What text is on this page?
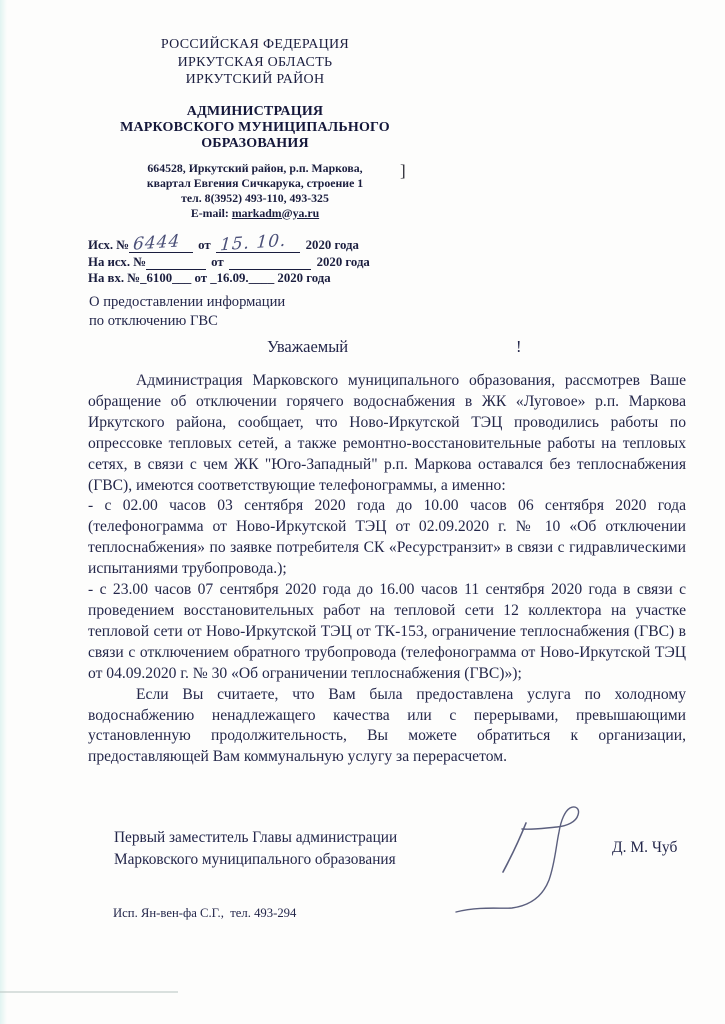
РОССИЙСКАЯ ФЕДЕРАЦИЯ
ИРКУТСКАЯ ОБЛАСТЬ
ИРКУТСКИЙ РАЙОН
АДМИНИСТРАЦИЯ
МАРКОВСКОГО МУНИЦИПАЛЬНОГО
ОБРАЗОВАНИЯ
664528, Иркутский район, р.п. Маркова,
квартал Евгения Сичкарука, строение 1
тел. 8(3952) 493-110, 493-325
E-mail: markadm@ya.ru
]
Исх. № 6444	от 15. 10.	2020 года
На исх. №	от	2020 года
На вх. № _6100___ от _16.09.____ 2020 года
О предоставлении информации
по отключению ГВС
Уважаемый	!

Администрация Марковского муниципального образования, рассмотрев Ваше обращение об отключении горячего водоснабжения в ЖК «Луговое» р.п. Маркова Иркутского района, сообщает, что Ново-Иркутской ТЭЦ проводились работы по опрессовке тепловых сетей, а также ремонтно-восстановительные работы на тепловых сетях, в связи с чем ЖК "Юго-Западный" р.п. Маркова оставался без теплоснабжения (ГВС), имеются соответствующие телефонограммы, а именно:

- с 02.00 часов 03 сентября 2020 года до 10.00 часов 06 сентября 2020 года (телефонограмма от Ново-Иркутской ТЭЦ от 02.09.2020 г. № 10 «Об отключении теплоснабжения» по заявке потребителя СК «Ресурстранзит» в связи с гидравлическими испытаниями трубопровода.);

- с 23.00 часов 07 сентября 2020 года до 16.00 часов 11 сентября 2020 года в связи с проведением восстановительных работ на тепловой сети 12 коллектора на участке тепловой сети от Ново-Иркутской ТЭЦ от ТК-153, ограничение теплоснабжения (ГВС) в связи с отключением обратного трубопровода (телефонограмма от Ново-Иркутской ТЭЦ от 04.09.2020 г. № 30 «Об ограничении теплоснабжения (ГВС)»);

Если Вы считаете, что Вам была предоставлена услуга по холодному водоснабжению ненадлежащего качества или с перерывами, превышающими установленную продолжительность, Вы можете обратиться к организации, предоставляющей Вам коммунальную услугу за перерасчетом.

Первый заместитель Главы администрации
Марковского муниципального образования
Д. М. Чуб
Исп. Ян-вен-фа С.Г.,  тел. 493-294
